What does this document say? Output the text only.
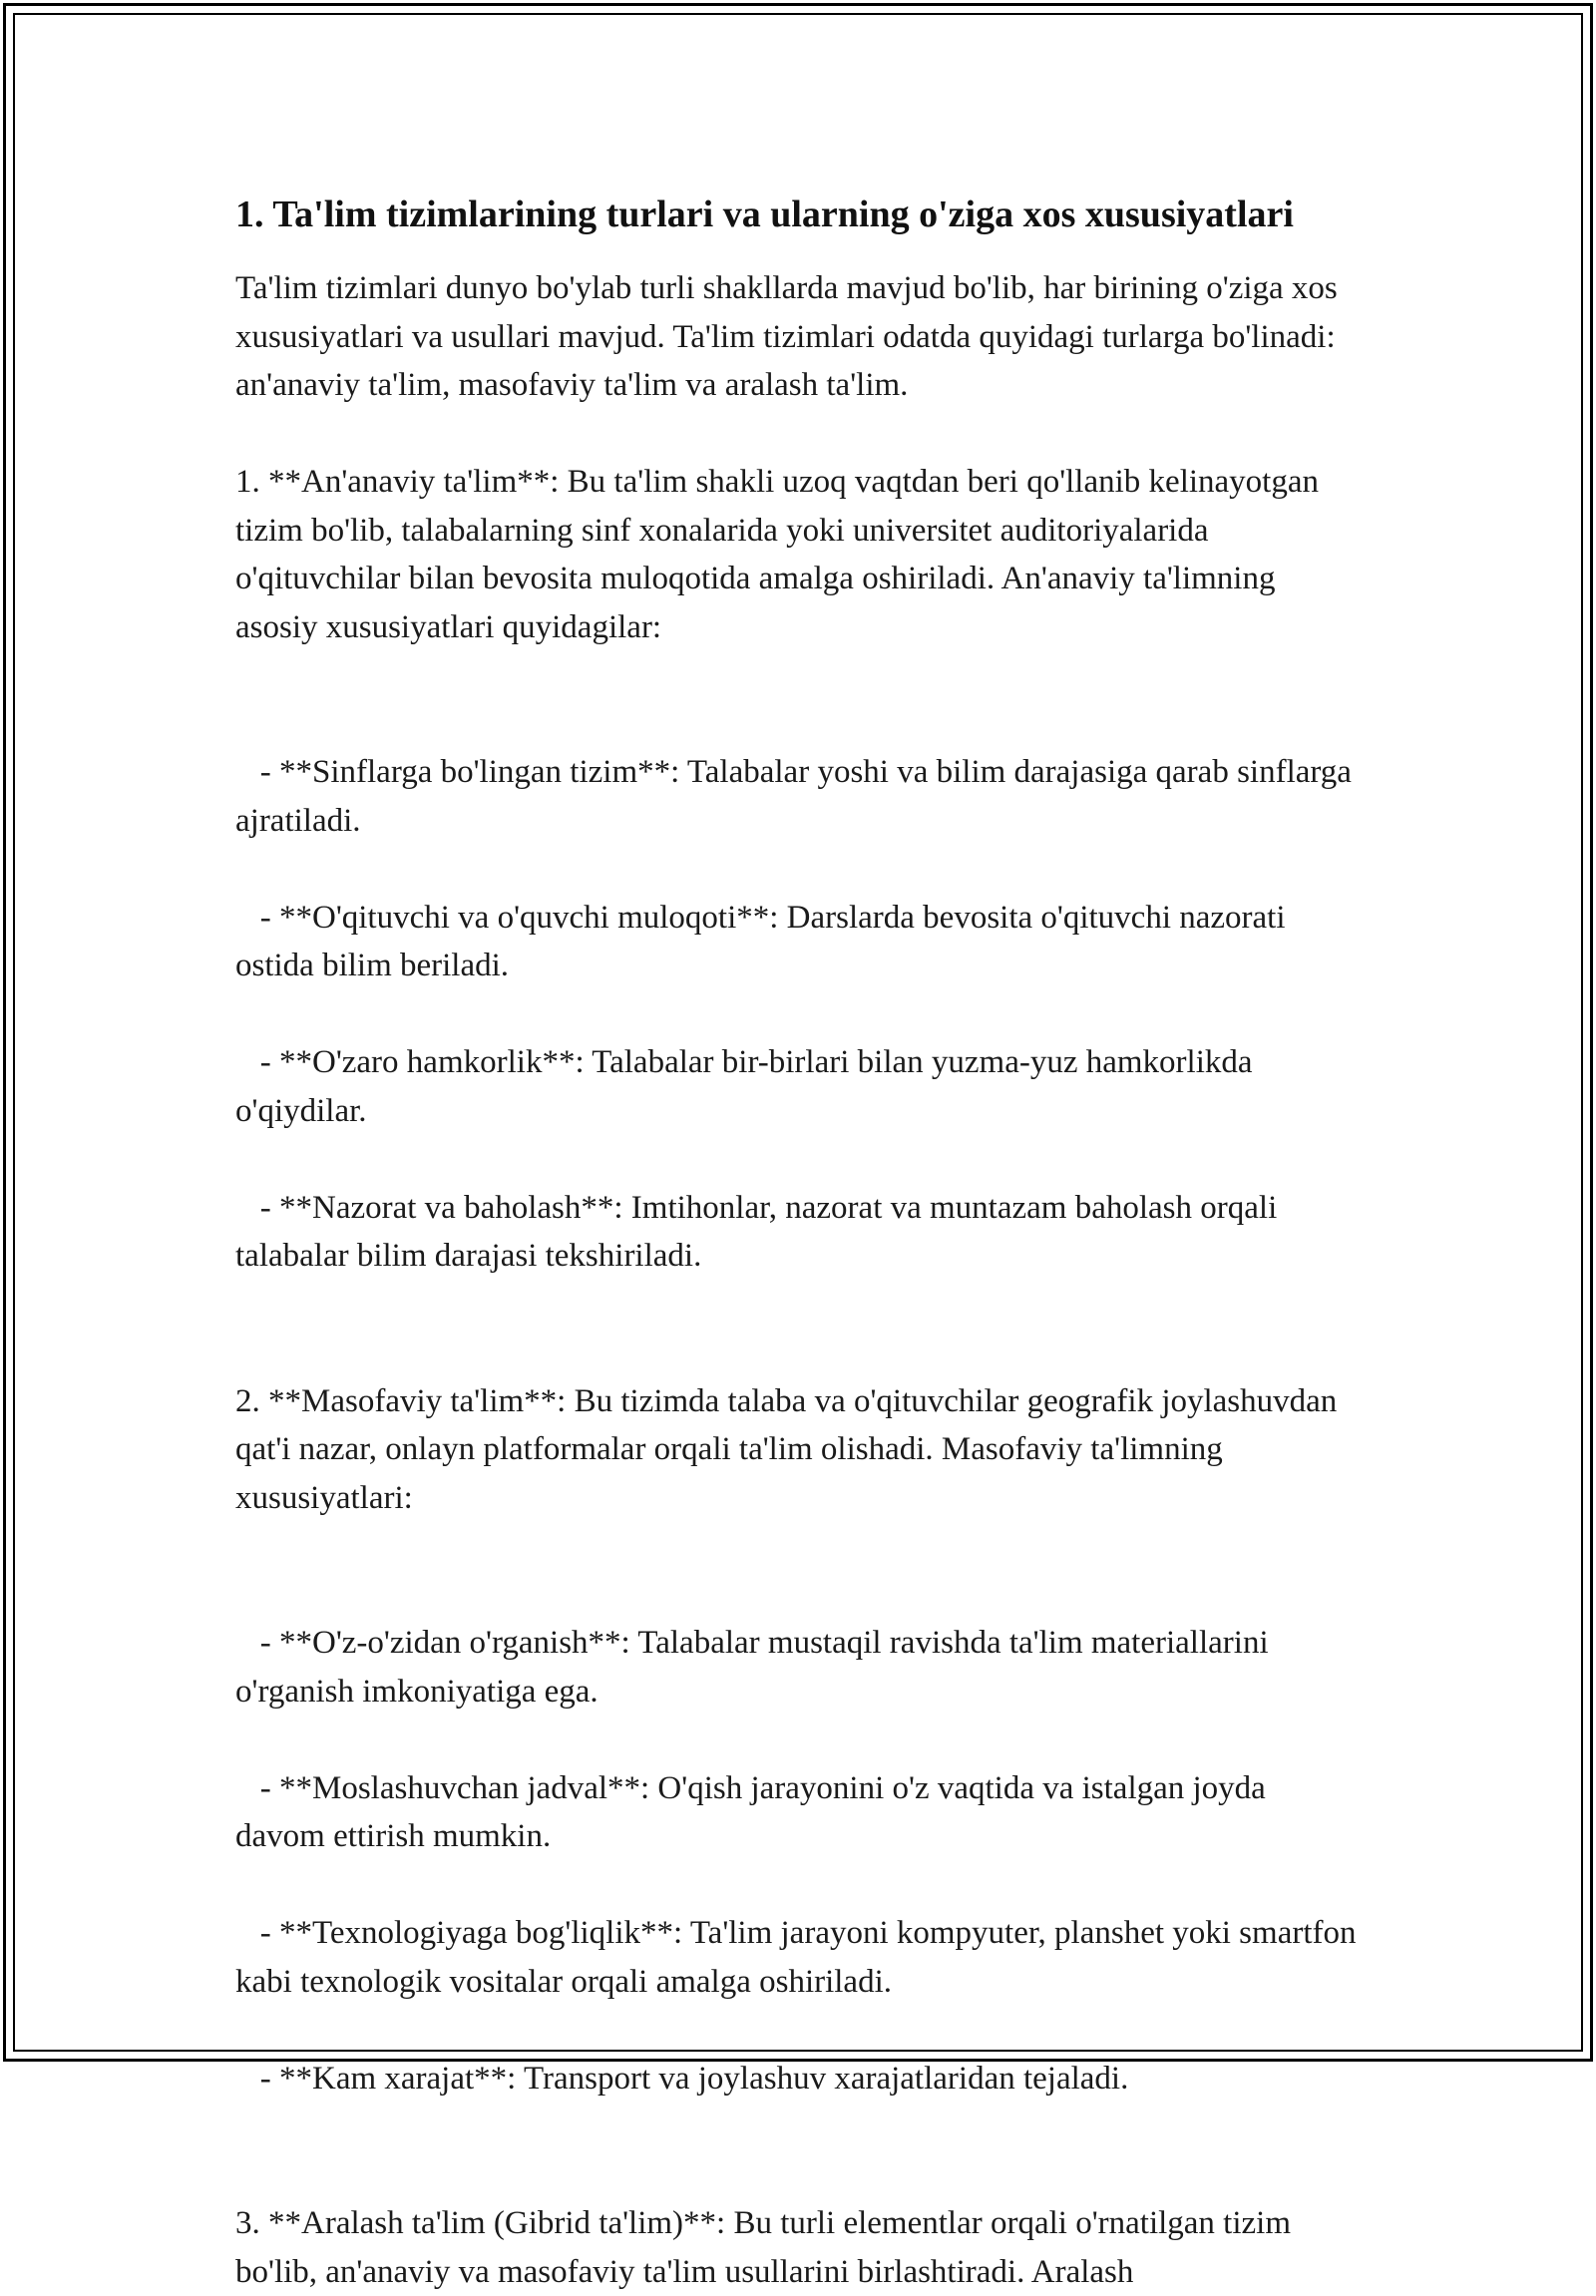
1. Ta'lim tizimlarining turlari va ularning o'ziga xos xususiyatlari

Ta'lim tizimlari dunyo bo'ylab turli shakllarda mavjud bo'lib, har birining o'ziga xos xususiyatlari va usullari mavjud. Ta'lim tizimlari odatda quyidagi turlarga bo'linadi: an'anaviy ta'lim, masofaviy ta'lim va aralash ta'lim.

1. **An'anaviy ta'lim**: Bu ta'lim shakli uzoq vaqtdan beri qo'llanib kelinayotgan tizim bo'lib, talabalarning sinf xonalarida yoki universitet auditoriyalarida o'qituvchilar bilan bevosita muloqotida amalga oshiriladi. An'anaviy ta'limning asosiy xususiyatlari quyidagilar:

- **Sinflarga bo'lingan tizim**: Talabalar yoshi va bilim darajasiga qarab sinflarga ajratiladi.

- **O'qituvchi va o'quvchi muloqoti**: Darslarda bevosita o'qituvchi nazorati ostida bilim beriladi.

- **O'zaro hamkorlik**: Talabalar bir-birlari bilan yuzma-yuz hamkorlikda o'qiydilar.

- **Nazorat va baholash**: Imtihonlar, nazorat va muntazam baholash orqali talabalar bilim darajasi tekshiriladi.

2. **Masofaviy ta'lim**: Bu tizimda talaba va o'qituvchilar geografik joylashuvdan qat'i nazar, onlayn platformalar orqali ta'lim olishadi. Masofaviy ta'limning xususiyatlari:

- **O'z-o'zidan o'rganish**: Talabalar mustaqil ravishda ta'lim materiallarini o'rganish imkoniyatiga ega.

- **Moslashuvchan jadval**: O'qish jarayonini o'z vaqtida va istalgan joyda davom ettirish mumkin.

- **Texnologiyaga bog'liqlik**: Ta'lim jarayoni kompyuter, planshet yoki smartfon kabi texnologik vositalar orqali amalga oshiriladi.

- **Kam xarajat**: Transport va joylashuv xarajatlaridan tejaladi.

3. **Aralash ta'lim (Gibrid ta'lim)**: Bu turli elementlar orqali o'rnatilgan tizim bo'lib, an'anaviy va masofaviy ta'lim usullarini birlashtiradi. Aralash
